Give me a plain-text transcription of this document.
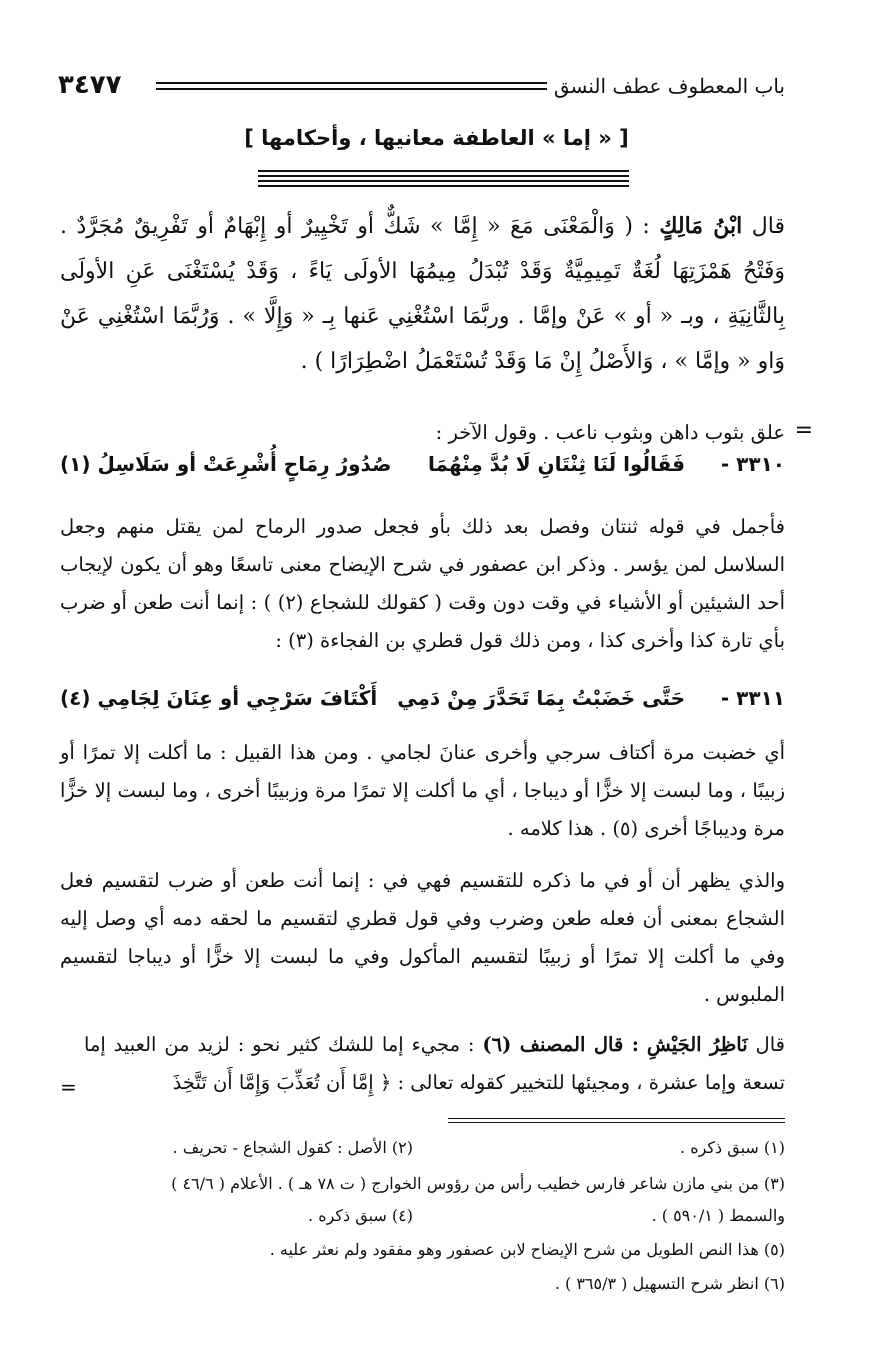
باب المعطوف عطف النسق
٣٤٧٧
[ « إما » العاطفة معانيها ، وأحكامها ]
قال ابْنُ مَالِكٍ : ( وَالْمَعْنَى مَعَ « إِمَّا » شَكٌّ أو تَخْيِيرٌ أو إِبْهَامٌ أو تَفْرِيقٌ مُجَرَّدٌ . وَفَتْحُ هَمْزَتِهَا لُغَةٌ تَمِيمِيَّةٌ وَقَدْ تُبْدَلُ مِيمُهَا الأولَى يَاءً ، وَقَدْ يُسْتَغْنَى عَنِ الأولَى بِالثَّانِيَةِ ، وبـ « أو » عَنْ وإمَّا . وربَّمَا اسْتُغْنِي عَنها بِـ « وَإِلَّا » . وَرُبَّمَا اسْتُغْنِي عَنْ وَاو « وإمَّا » ، وَالأَصْلُ إِنْ مَا وَقَدْ تُسْتَعْمَلُ اضْطِرَارًا ) .
علق بثوب داهن وبثوب ناعب . وقول الآخر : =
٣٣١٠ -
فَقَالُوا لَنَا ثِنْتَانِ لَا بُدَّ مِنْهُمَا
صُدُورُ رِمَاحٍ أُشْرِعَتْ أو سَلَاسِلُ (١)
فأجمل في قوله ثنتان وفصل بعد ذلك بأو فجعل صدور الرماح لمن يقتل منهم وجعل السلاسل لمن يؤسر . وذكر ابن عصفور في شرح الإيضاح معنى تاسعًا وهو أن يكون لإيجاب أحد الشيئين أو الأشياء في وقت دون وقت ( كقولك للشجاع (٢) ) : إنما أنت طعن أو ضرب بأي تارة كذا وأخرى كذا ، ومن ذلك قول قطري بن الفجاءة (٣) :
٣٣١١ -
حَتَّى خَضَبْتُ بِمَا تَحَدَّرَ مِنْ دَمِي
أَكْتَافَ سَرْجِي أو عِنَانَ لِجَامِي (٤)
أي خضبت مرة أكتاف سرجي وأخرى عنانَ لجامي . ومن هذا القبيل : ما أكلت إلا تمرًا أو زبيبًا ، وما لبست إلا خزًّا أو ديباجا ، أي ما أكلت إلا تمرًا مرة وزبيبًا أخرى ، وما لبست إلا خزًّا مرة وديباجًا أخرى (٥) . هذا كلامه .
والذي يظهر أن أو في ما ذكره للتقسيم فهي في : إنما أنت طعن أو ضرب لتقسيم فعل الشجاع بمعنى أن فعله طعن وضرب وفي قول قطري لتقسيم ما لحقه دمه أي وصل إليه وفي ما أكلت إلا تمرًا أو زبيبًا لتقسيم المأكول وفي ما لبست إلا خزًّا أو ديباجا لتقسيم الملبوس .
قال نَاظِرُ الجَيْشِ : قال المصنف (٦) : مجيء إما للشك كثير نحو : لزيد من العبيد إما تسعة وإما عشرة ، ومجيئها للتخيير كقوله تعالى : ﴿ إِمَّا أَن تُعَذِّبَ وَإِمَّا أَن تَتَّخِذَ
=
(١) سبق ذكره .
(٢) الأصل : كقول الشجاع - تحريف .
(٣) من بني مازن شاعر فارس خطيب رأس من رؤوس الخوارج ( ت ٧٨ هـ ) . الأعلام ( ٤٦/٦ )
والسمط ( ٥٩٠/١ ) .
(٤) سبق ذكره .
(٥) هذا النص الطويل من شرح الإيضاح لابن عصفور وهو مفقود ولم نعثر عليه .
(٦) انظر شرح التسهيل ( ٣٦٥/٣ ) .
